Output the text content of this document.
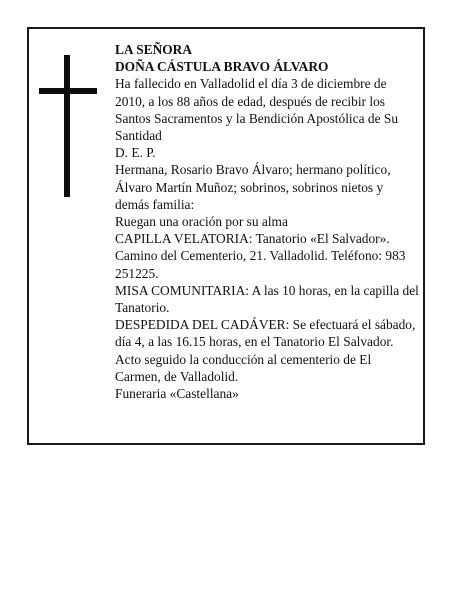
LA SEÑORA

DOÑA CÁSTULA BRAVO ÁLVARO

Ha fallecido en Valladolid el día 3 de diciembre de 2010, a los 88 años de edad, después de recibir los Santos Sacramentos y la Bendición Apostólica de Su Santidad

D. E. P.

Hermana, Rosario Bravo Álvaro; hermano político, Álvaro Martín Muñoz; sobrinos, sobrinos nietos y demás familia:

Ruegan una oración por su alma

CAPILLA VELATORIA: Tanatorio «El Salvador». Camino del Cementerio, 21. Valladolid. Teléfono: 983 251225.

MISA COMUNITARIA: A las 10 horas, en la capilla del Tanatorio.

DESPEDIDA DEL CADÁVER: Se efectuará el sábado, día 4, a las 16.15 horas, en el Tanatorio El Salvador. Acto seguido la conducción al cementerio de El Carmen, de Valladolid.

Funeraria «Castellana»
